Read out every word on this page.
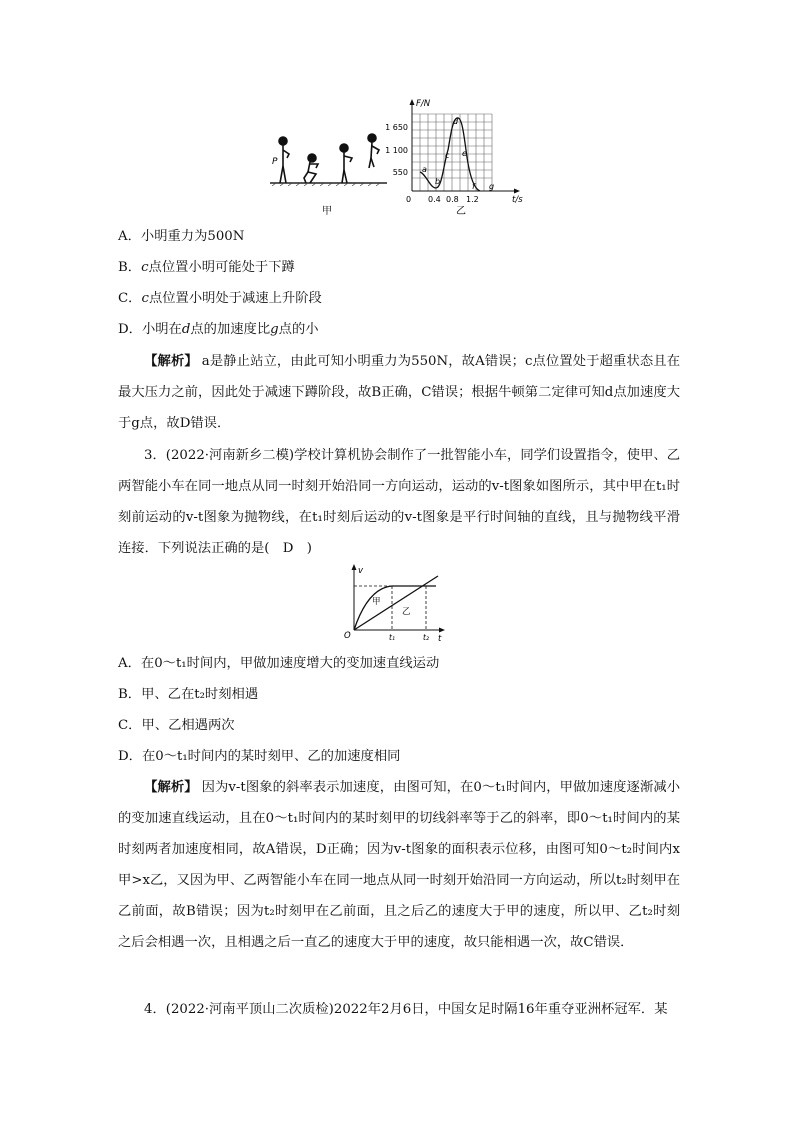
P
甲
F/N
t/s
1 650
1 100
550
0 0.4 0.8 1.2
a
b
c
d
e
f g
乙
A．小明重力为500N
B．c点位置小明可能处于下蹲
C．c点位置小明处于减速上升阶段
D．小明在d点的加速度比g点的小
【解析】 a是静止站立，由此可知小明重力为550N，故A错误；c点位置处于超重状态且在最大压力之前，因此处于减速下蹲阶段，故B正确，C错误；根据牛顿第二定律可知d点加速度大于g点，故D错误．
3．(2022·河南新乡二模)学校计算机协会制作了一批智能小车，同学们设置指令，使甲、乙两智能小车在同一地点从同一时刻开始沿同一方向运动，运动的v-t图象如图所示，其中甲在t₁时刻前运动的v-t图象为抛物线，在t₁时刻后运动的v-t图象是平行时间轴的直线，且与抛物线平滑连接．下列说法正确的是(　D　)
v
t
O
甲
乙
t₁	t₂
A．在0～t₁时间内，甲做加速度增大的变加速直线运动
B．甲、乙在t₂时刻相遇
C．甲、乙相遇两次
D．在0～t₁时间内的某时刻甲、乙的加速度相同
【解析】 因为v-t图象的斜率表示加速度，由图可知，在0～t₁时间内，甲做加速度逐渐减小的变加速直线运动，且在0～t₁时间内的某时刻甲的切线斜率等于乙的斜率，即0～t₁时间内的某时刻两者加速度相同，故A错误，D正确；因为v-t图象的面积表示位移，由图可知0～t₂时间内x甲>x乙，又因为甲、乙两智能小车在同一地点从同一时刻开始沿同一方向运动，所以t₂时刻甲在乙前面，故B错误；因为t₂时刻甲在乙前面，且之后乙的速度大于甲的速度，所以甲、乙t₂时刻之后会相遇一次，且相遇之后一直乙的速度大于甲的速度，故只能相遇一次，故C错误．
4．(2022·河南平顶山二次质检)2022年2月6日，中国女足时隔16年重夺亚洲杯冠军．某
